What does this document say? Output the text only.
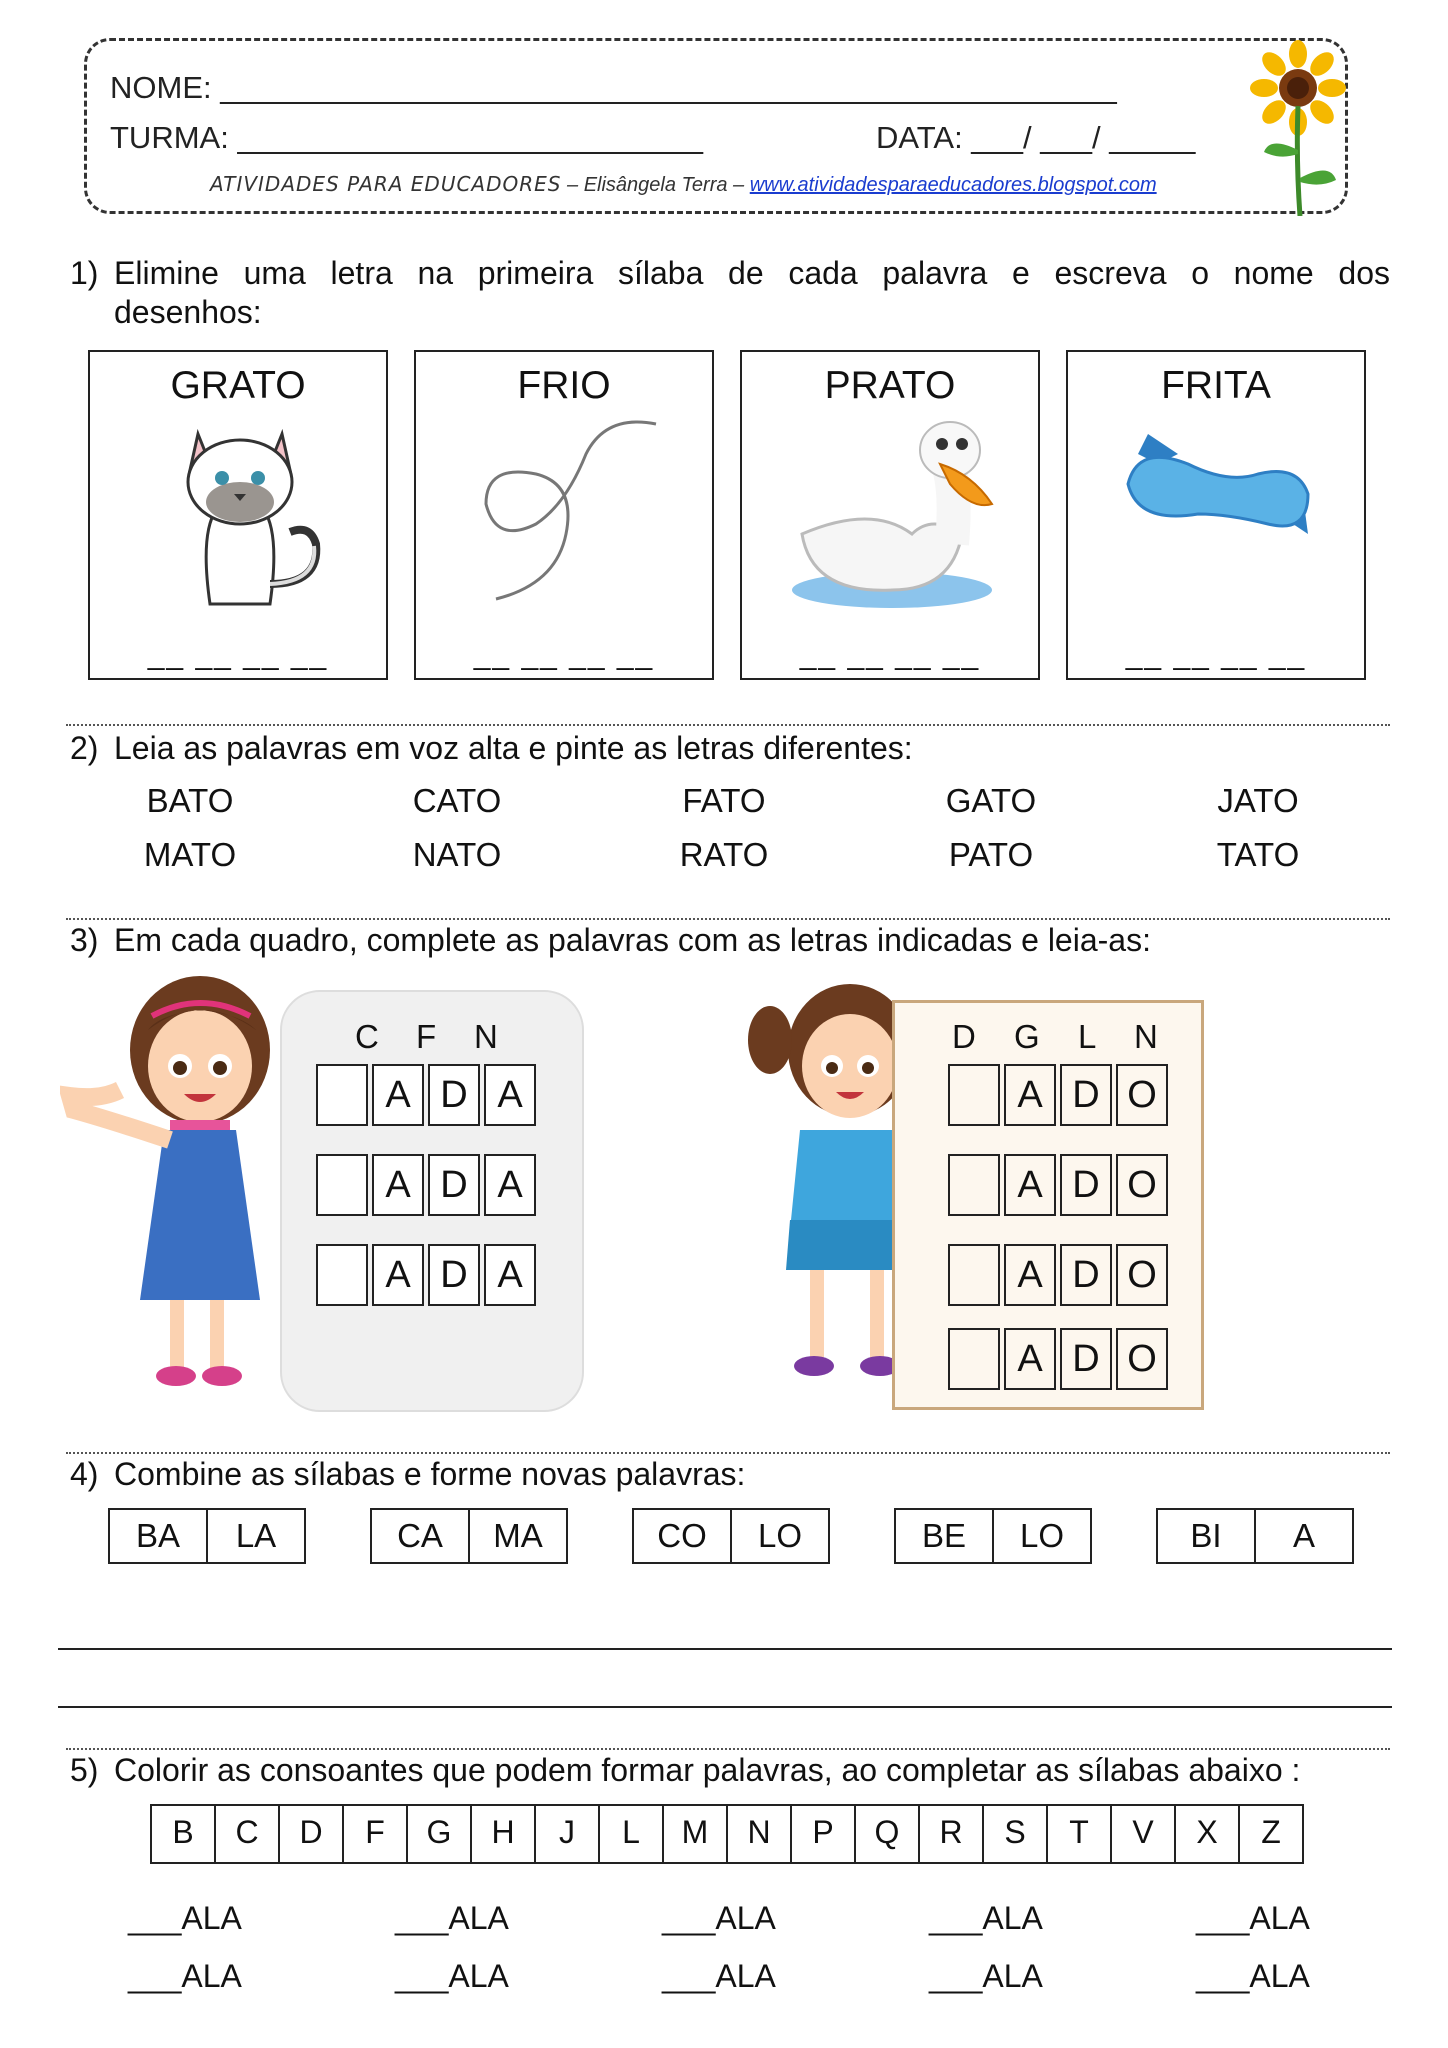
NOME: ____________________________________________________
TURMA: ___________________________	DATA: ___/ ___/ _____
ATIVIDADES PARA EDUCADORES – Elisângela Terra – www.atividadesparaeducadores.blogspot.com
1) Elimine uma letra na primeira sílaba de cada palavra e escreva o nome dos
desenhos:
GRATO
__ __ __ __
FRIO
__ __ __ __
PRATO
__ __ __ __
FRITA
__ __ __ __
2) Leia as palavras em voz alta e pinte as letras diferentes:
BATO	CATO	FATO	GATO	JATO
MATO	NATO	RATO	PATO	TATO
3) Em cada quadro, complete as palavras com as letras indicadas e leia-as:
C F N
A D A
A D A
A D A
D G L N
A D O
A D O
A D O
A D O
4) Combine as sílabas e forme novas palavras:
BA	LA	CA	MA	CO	LO	BE	LO	BI	A
5) Colorir as consoantes que podem formar palavras, ao completar as sílabas abaixo :
B	C	D	F	G	H	J	L	M	N	P	Q	R	S	T	V	X	Z
___ALA	___ALA	___ALA	___ALA	___ALA
___ALA	___ALA	___ALA	___ALA	___ALA
